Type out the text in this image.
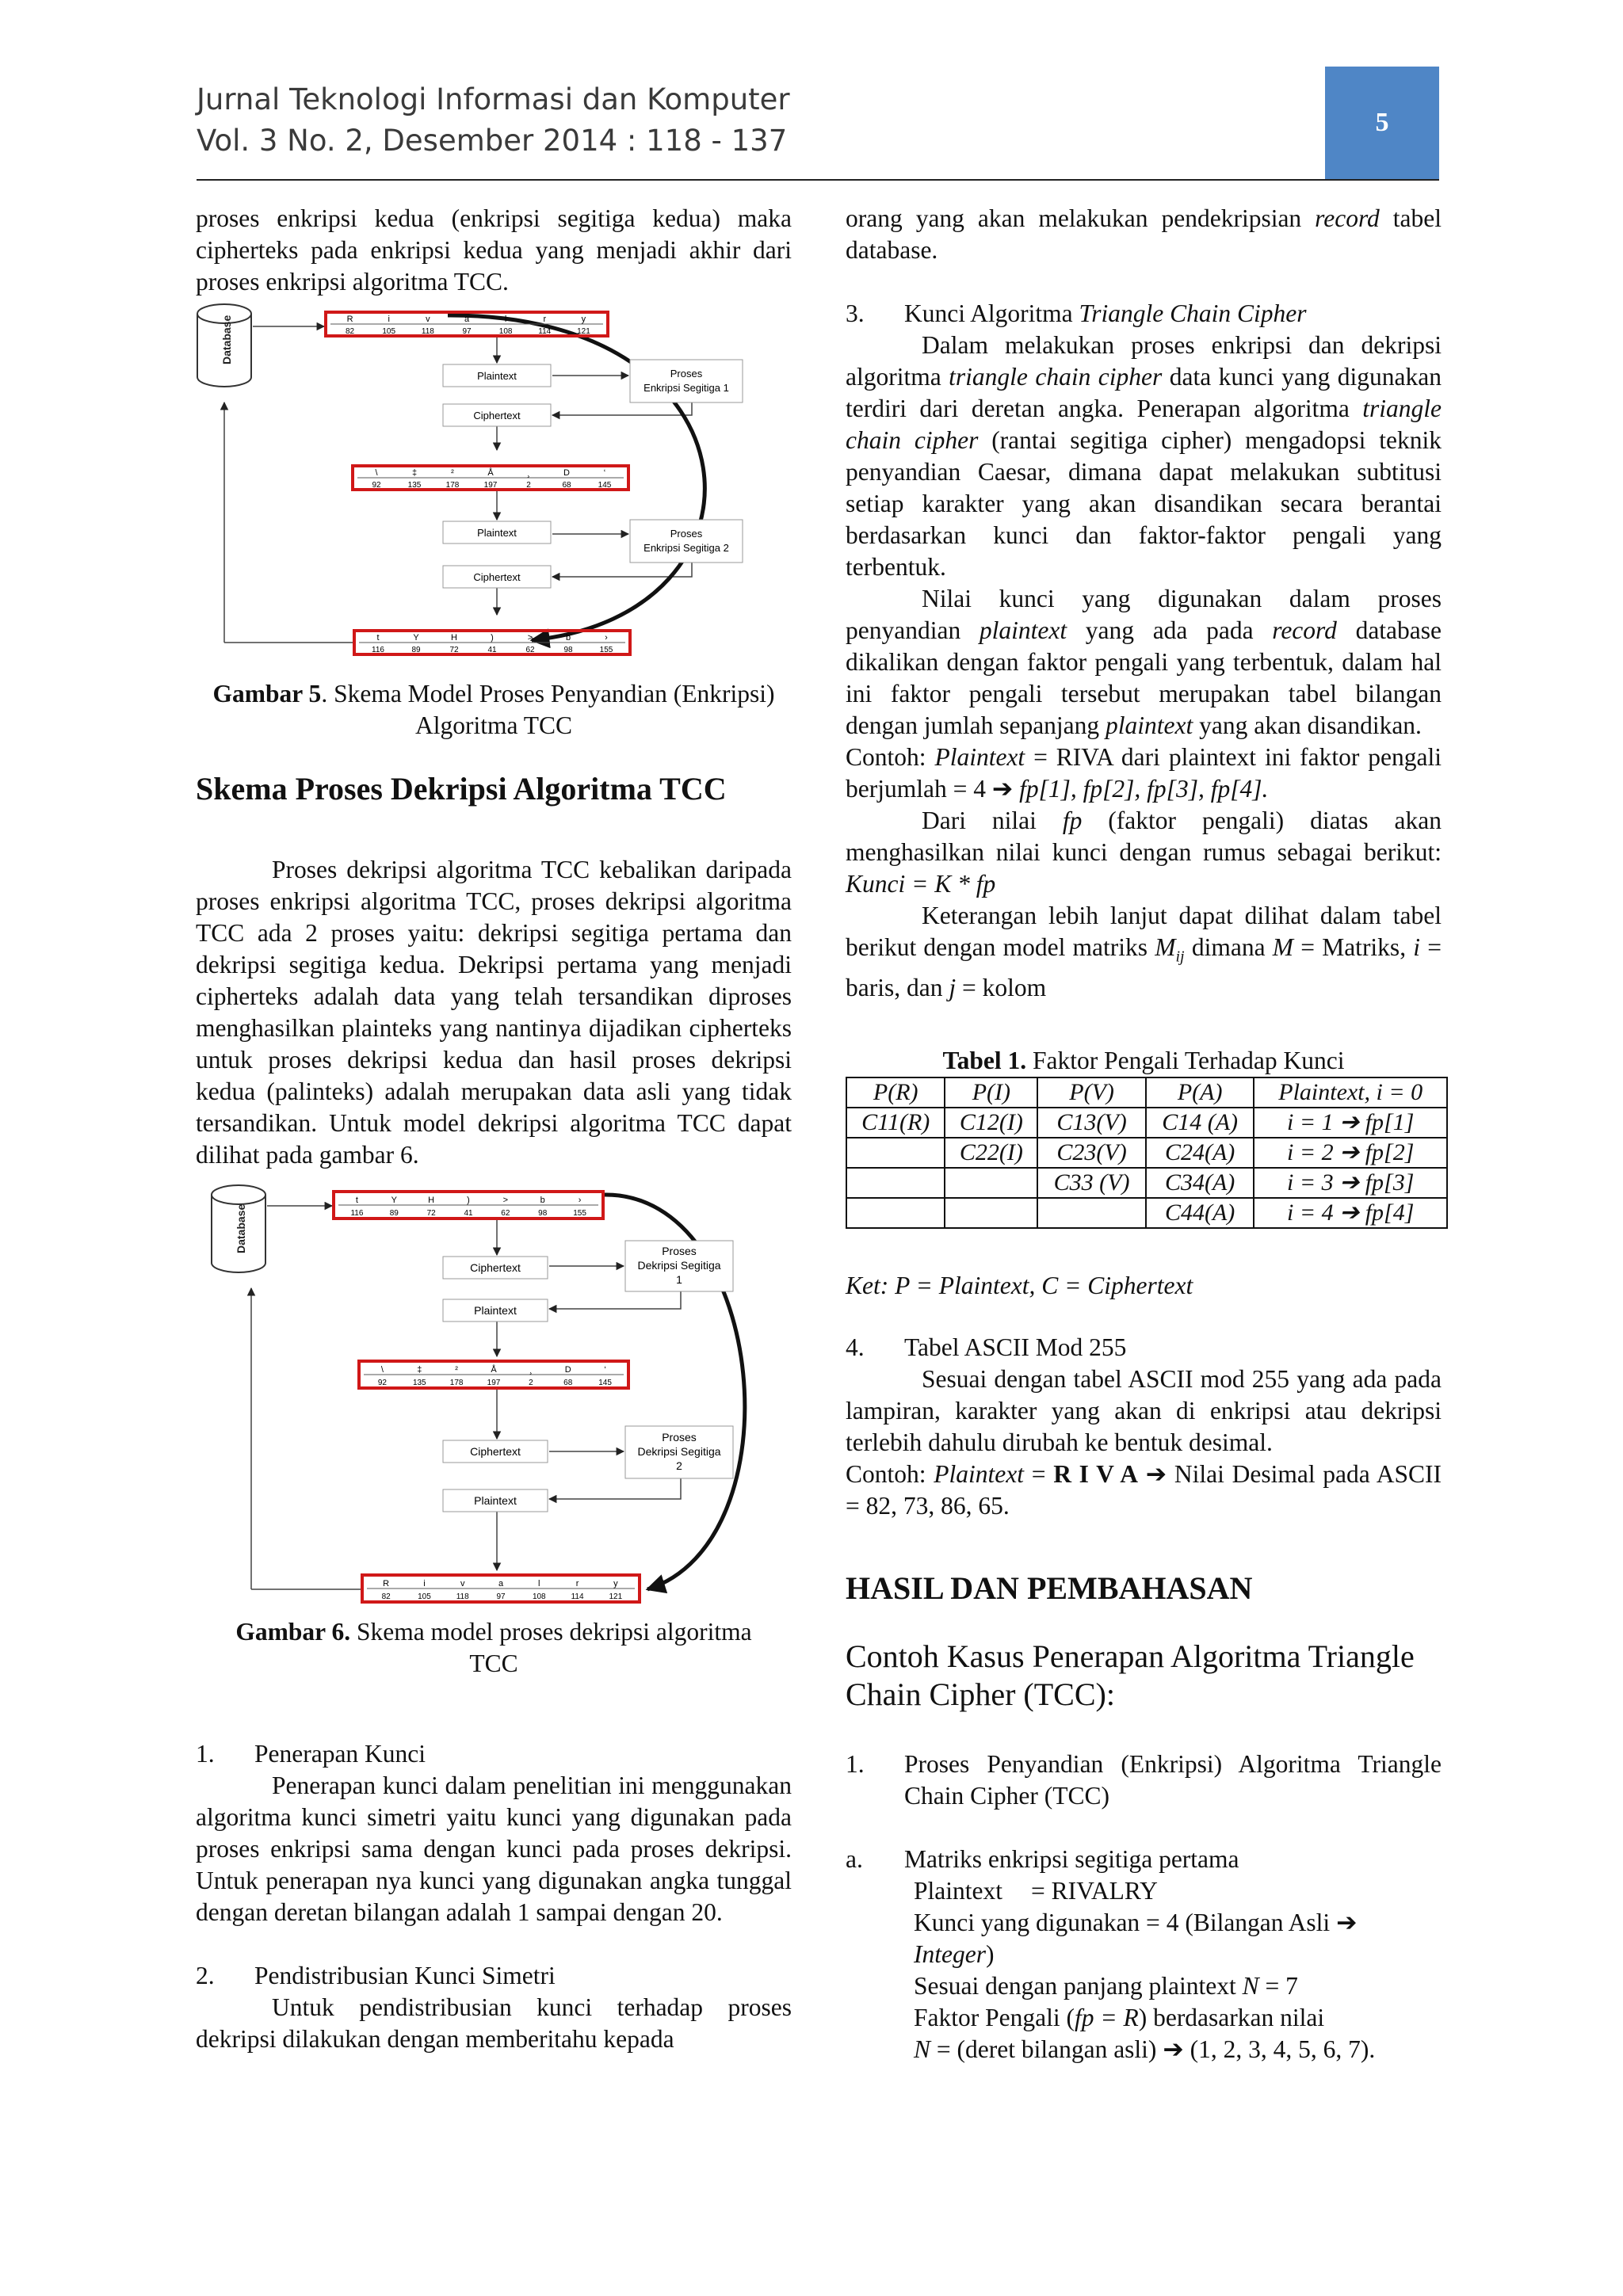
Jurnal Teknologi Informasi dan Komputer
Vol. 3 No. 2, Desember 2014 : 118 - 137
5

proses enkripsi kedua (enkripsi segitiga kedua) maka cipherteks pada enkripsi kedua yang menjadi akhir dari proses enkripsi algoritma TCC.

Database	R	i	v	a	l	r	y
82	105	118	97	108	114	121
\	‡	²	Å	¸	D	‘
92	135	178	197	2	68	145
t	Y	H	)	>	b	›
116	89	72	41	62	98	155
Plaintext
Ciphertext
Plaintext
Ciphertext
Proses
Enkripsi Segitiga 1
Proses
Enkripsi Segitiga 2

Gambar 5. Skema Model Proses Penyandian (Enkripsi)

Algoritma TCC

Skema Proses Dekripsi Algoritma TCC

Proses dekripsi algoritma TCC kebalikan daripada proses enkripsi algoritma TCC, proses dekripsi algoritma TCC ada 2 proses yaitu: dekripsi segitiga pertama dan dekripsi segitiga kedua. Dekripsi pertama yang menjadi cipherteks adalah data yang telah tersandikan diproses menghasilkan plainteks yang nantinya dijadikan cipherteks untuk proses dekripsi kedua dan hasil proses dekripsi kedua (palinteks) adalah merupakan data asli yang tidak tersandikan. Untuk model dekripsi algoritma TCC dapat dilihat pada gambar 6.

Database
t	Y	H	)	>	b	›
116	89	72	41	62	98	155
\	‡	²	Å	¸	D	‘
92	135	178	197	2	68	145
R	i	v	a	l	r	y
82	105	118	97	108	114	121
Ciphertext
Plaintext
Ciphertext
Plaintext
Proses
Dekripsi Segitiga
1
Proses
Dekripsi Segitiga
2

Gambar 6. Skema model proses dekripsi algoritma

TCC

1.	Penerapan Kunci

Penerapan kunci dalam penelitian ini menggunakan algoritma kunci simetri yaitu kunci yang digunakan pada proses enkripsi sama dengan kunci pada proses dekripsi. Untuk penerapan nya kunci yang digunakan angka tunggal dengan deretan bilangan adalah 1 sampai dengan 20.

2.	Pendistribusian Kunci Simetri

Untuk pendistribusian kunci terhadap proses dekripsi dilakukan dengan memberitahu kepada

orang yang akan melakukan pendekripsian record tabel database.

3.	Kunci Algoritma Triangle Chain Cipher

Dalam melakukan proses enkripsi dan dekripsi algoritma triangle chain cipher data kunci yang digunakan terdiri dari deretan angka. Penerapan algoritma triangle chain cipher (rantai segitiga cipher) mengadopsi teknik penyandian Caesar, dimana dapat melakukan subtitusi setiap karakter yang akan disandikan secara berantai berdasarkan kunci dan faktor-faktor pengali yang terbentuk.

Nilai kunci yang digunakan dalam proses penyandian plaintext yang ada pada record database dikalikan dengan faktor pengali yang terbentuk, dalam hal ini faktor pengali tersebut merupakan tabel bilangan dengan jumlah sepanjang plaintext yang akan disandikan.

Contoh: Plaintext = RIVA dari plaintext ini faktor pengali berjumlah = 4 ➔ fp[1], fp[2], fp[3], fp[4].

Dari nilai fp (faktor pengali) diatas akan menghasilkan nilai kunci dengan rumus sebagai berikut: Kunci = K * fp

Keterangan lebih lanjut dapat dilihat dalam tabel berikut dengan model matriks $M_{ij}$ dimana M = Matriks, i = baris, dan j = kolom

Tabel 1. Faktor Pengali Terhadap Kunci

P(R)	P(I)	P(V)	P(A)	Plaintext, i = 0
C11(R)	C12(I)	C13(V)	C14 (A)	i = 1 ➔ fp[1]
	C22(I)	C23(V)	C24(A)	i = 2 ➔ fp[2]
		C33 (V)	C34(A)	i = 3 ➔ fp[3]
			C44(A)	i = 4 ➔ fp[4]

Ket: P = Plaintext, C = Ciphertext

4.	Tabel ASCII Mod 255

Sesuai dengan tabel ASCII mod 255 yang ada pada lampiran, karakter yang akan di enkripsi atau dekripsi terlebih dahulu dirubah ke bentuk desimal.

Contoh: Plaintext = R I V A ➔ Nilai Desimal pada ASCII = 82, 73, 86, 65.

HASIL DAN PEMBAHASAN

Contoh Kasus Penerapan Algoritma Triangle Chain Cipher (TCC):

1.	Proses Penyandian (Enkripsi) Algoritma Triangle Chain Cipher (TCC)
a.	Matriks enkripsi segitiga pertama
Plaintext = RIVALRY
Kunci yang digunakan = 4 (Bilangan Asli ➔
Integer)
Sesuai dengan panjang plaintext N = 7
Faktor Pengali (fp = R) berdasarkan nilai
N = (deret bilangan asli) ➔ (1, 2, 3, 4, 5, 6, 7).
